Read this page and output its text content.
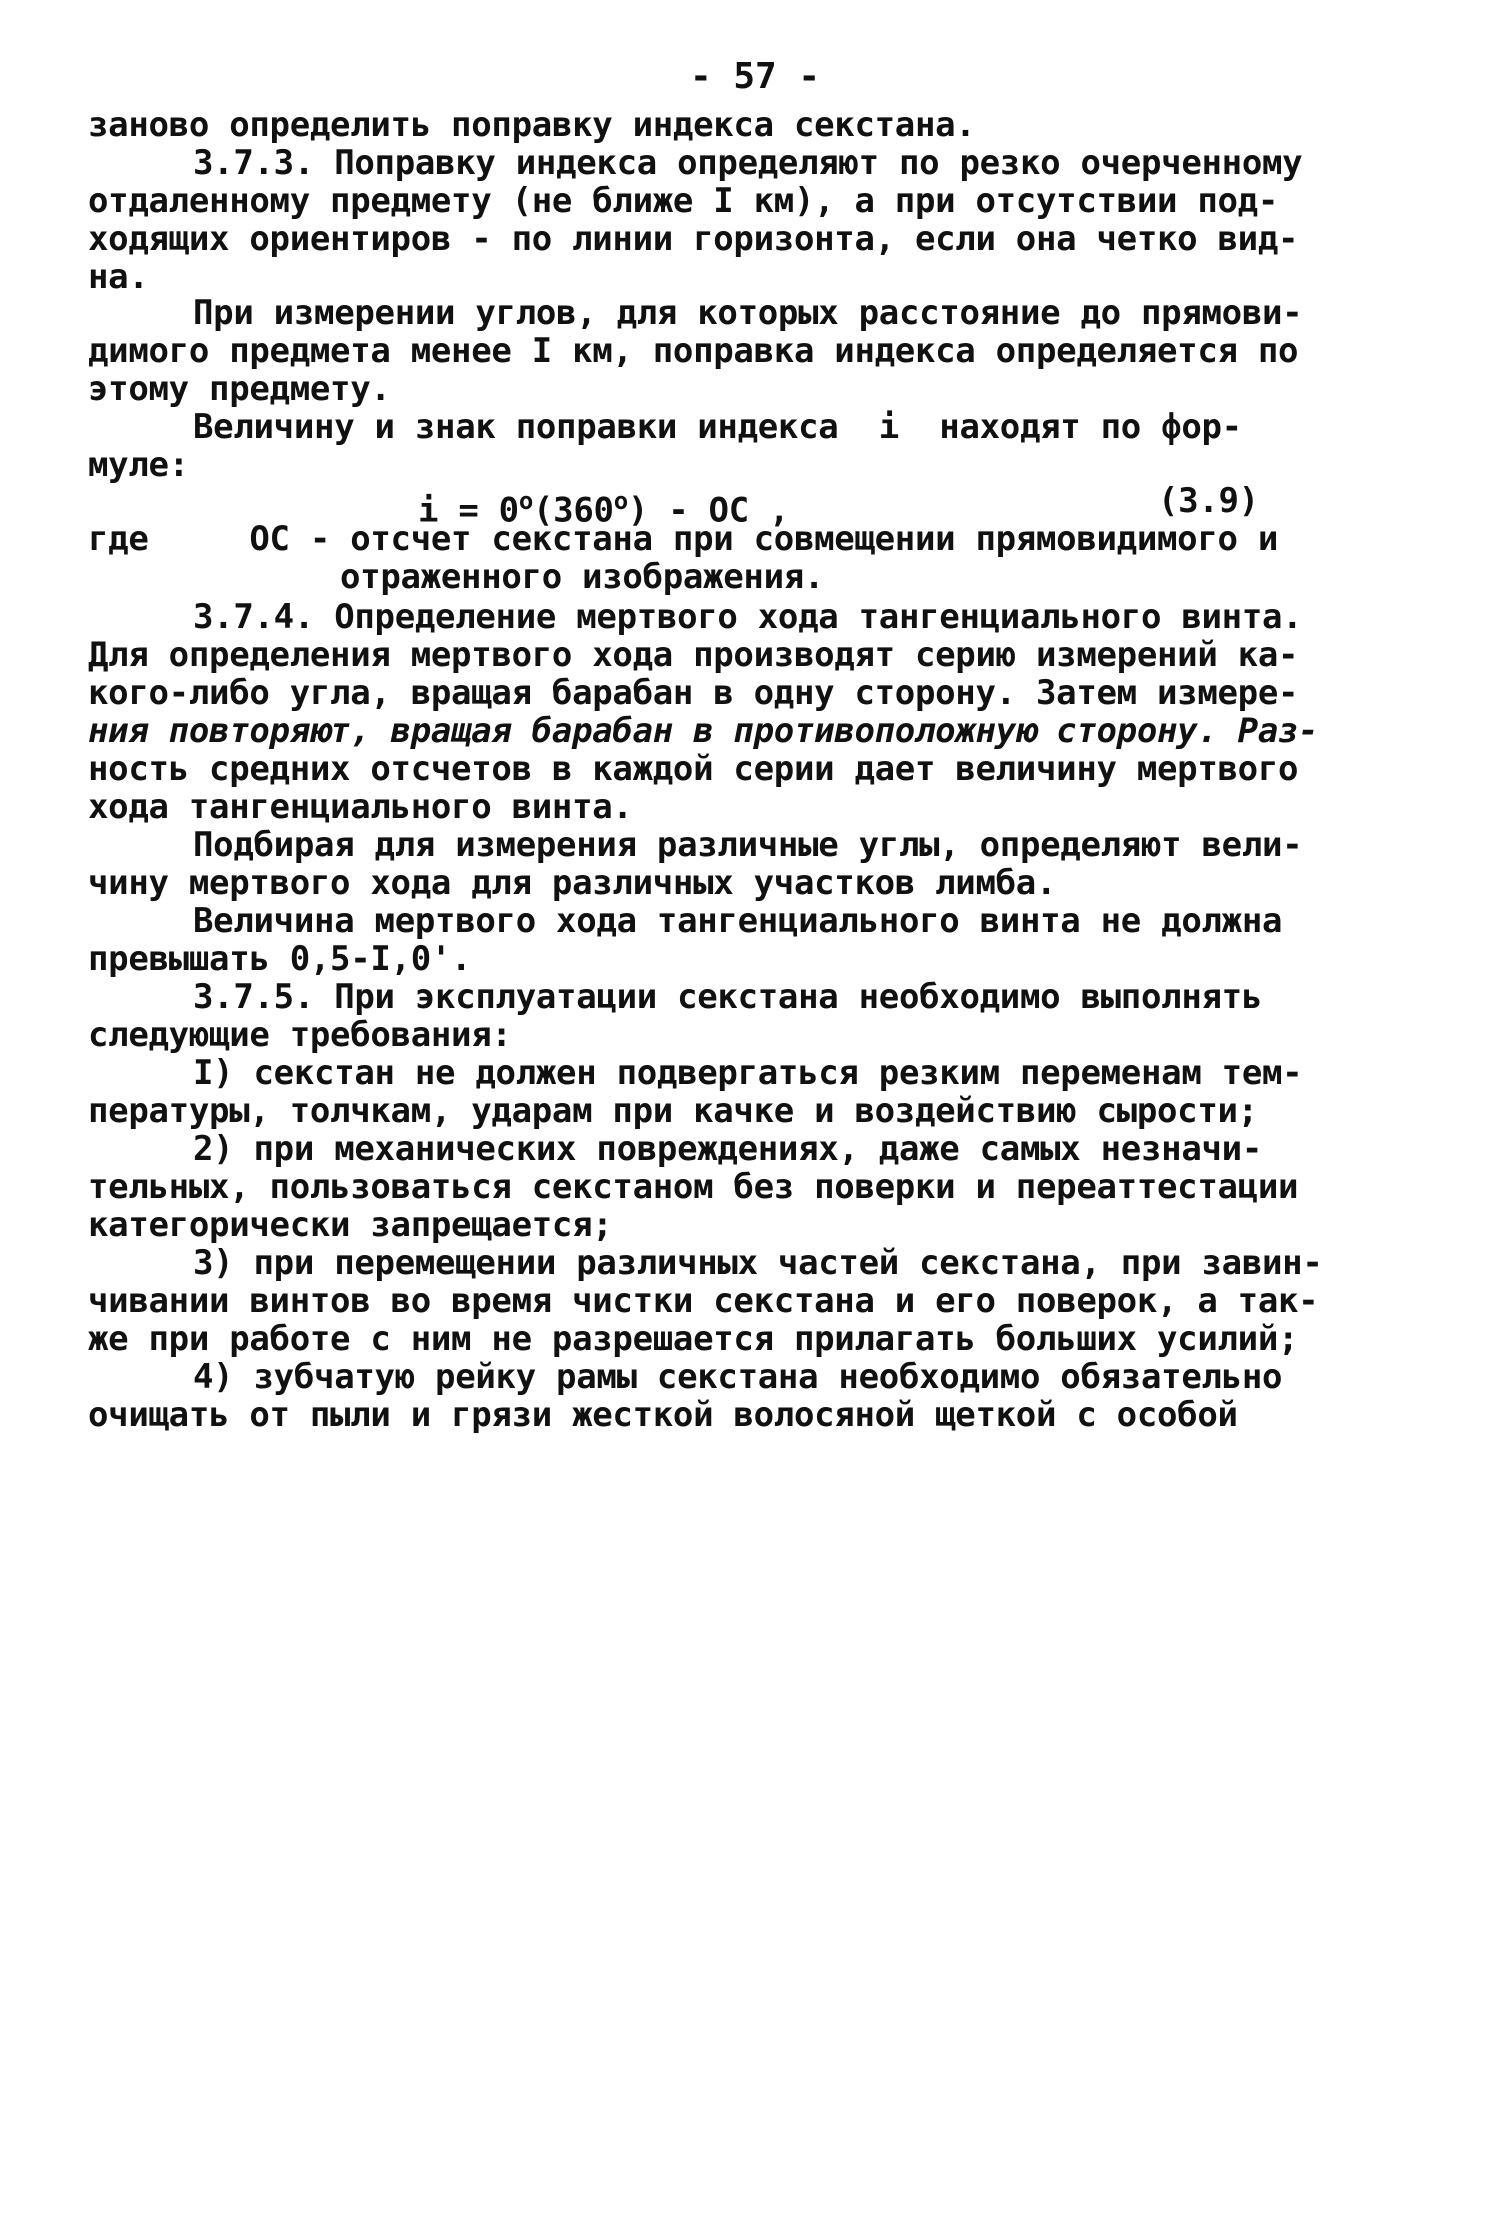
- 57 -
заново определить поправку индекса секстана.
3.7.3. Поправку индекса определяют по резко очерченному
отдаленному предмету (не ближе I км), а при отсутствии под-
ходящих ориентиров - по линии горизонта, если она четко вид-
на.
При измерении углов, для которых расстояние до прямови-
димого предмета менее I км, поправка индекса определяется по
этому предмету.
Величину и знак поправки индекса  i  находят по фор-
муле:
$i = 0^o(360^o)$ - ОС ,	(3.9)
где     ОС - отсчет секстана при совмещении прямовидимого и
отраженного изображения.
3.7.4. Определение мертвого хода тангенциального винта.
Для определения мертвого хода производят серию измерений ка-
кого-либо угла, вращая барабан в одну сторону. Затем измере-
ния повторяют, вращая барабан в противоположную сторону. Раз-
ность средних отсчетов в каждой серии дает величину мертвого
хода тангенциального винта.
Подбирая для измерения различные углы, определяют вели-
чину мертвого хода для различных участков лимба.
Величина мертвого хода тангенциального винта не должна
превышать 0,5-I,0'.
3.7.5. При эксплуатации секстана необходимо выполнять
следующие требования:
I) секстан не должен подвергаться резким переменам тем-
пературы, толчкам, ударам при качке и воздействию сырости;
2) при механических повреждениях, даже самых незначи-
тельных, пользоваться секстаном без поверки и переаттестации
категорически запрещается;
3) при перемещении различных частей секстана, при завин-
чивании винтов во время чистки секстана и его поверок, а так-
же при работе с ним не разрешается прилагать больших усилий;
4) зубчатую рейку рамы секстана необходимо обязательно
очищать от пыли и грязи жесткой волосяной щеткой с особой
